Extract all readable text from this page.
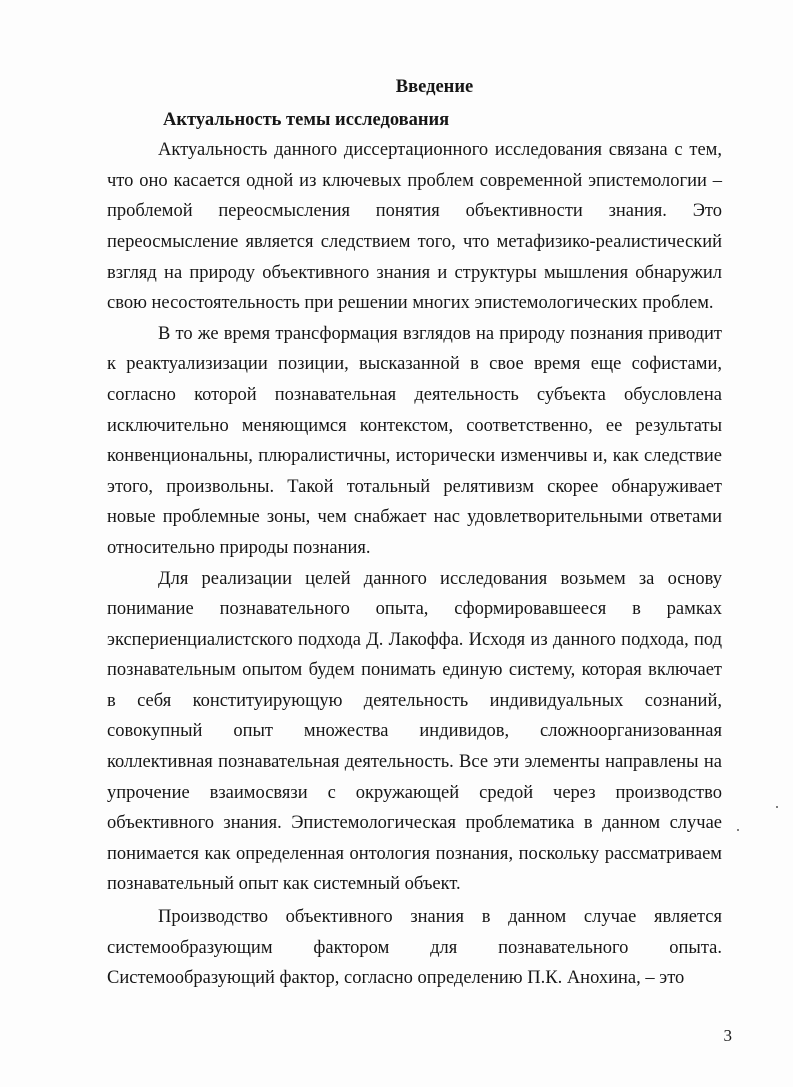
Введение

Актуальность темы исследования

Актуальность данного диссертационного исследования связана с тем, что оно касается одной из ключевых проблем современной эпистемологии – проблемой переосмысления понятия объективности знания. Это переосмысление является следствием того, что метафизико-реалистический взгляд на природу объективного знания и структуры мышления обнаружил свою несостоятельность при решении многих эпистемологических проблем.

В то же время трансформация взглядов на природу познания приводит к реактуализизации позиции, высказанной в свое время еще софистами, согласно которой познавательная деятельность субъекта обусловлена исключительно меняющимся контекстом, соответственно, ее результаты конвенциональны, плюралистичны, исторически изменчивы и, как следствие этого, произвольны. Такой тотальный релятивизм скорее обнаруживает новые проблемные зоны, чем снабжает нас удовлетворительными ответами относительно природы познания.

Для реализации целей данного исследования возьмем за основу понимание познавательного опыта, сформировавшееся в рамках экспериенциалистского подхода Д. Лакоффа. Исходя из данного подхода, под познавательным опытом будем понимать единую систему, которая включает в себя конституирующую деятельность индивидуальных сознаний, совокупный опыт множества индивидов, сложноорганизованная коллективная познавательная деятельность. Все эти элементы направлены на упрочение взаимосвязи с окружающей средой через производство объективного знания. Эпистемологическая проблематика в данном случае понимается как определенная онтология познания, поскольку рассматриваем познавательный опыт как системный объект.

Производство объективного знания в данном случае является системообразующим фактором для познавательного опыта. Системообразующий фактор, согласно определению П.К. Анохина, – это

3
